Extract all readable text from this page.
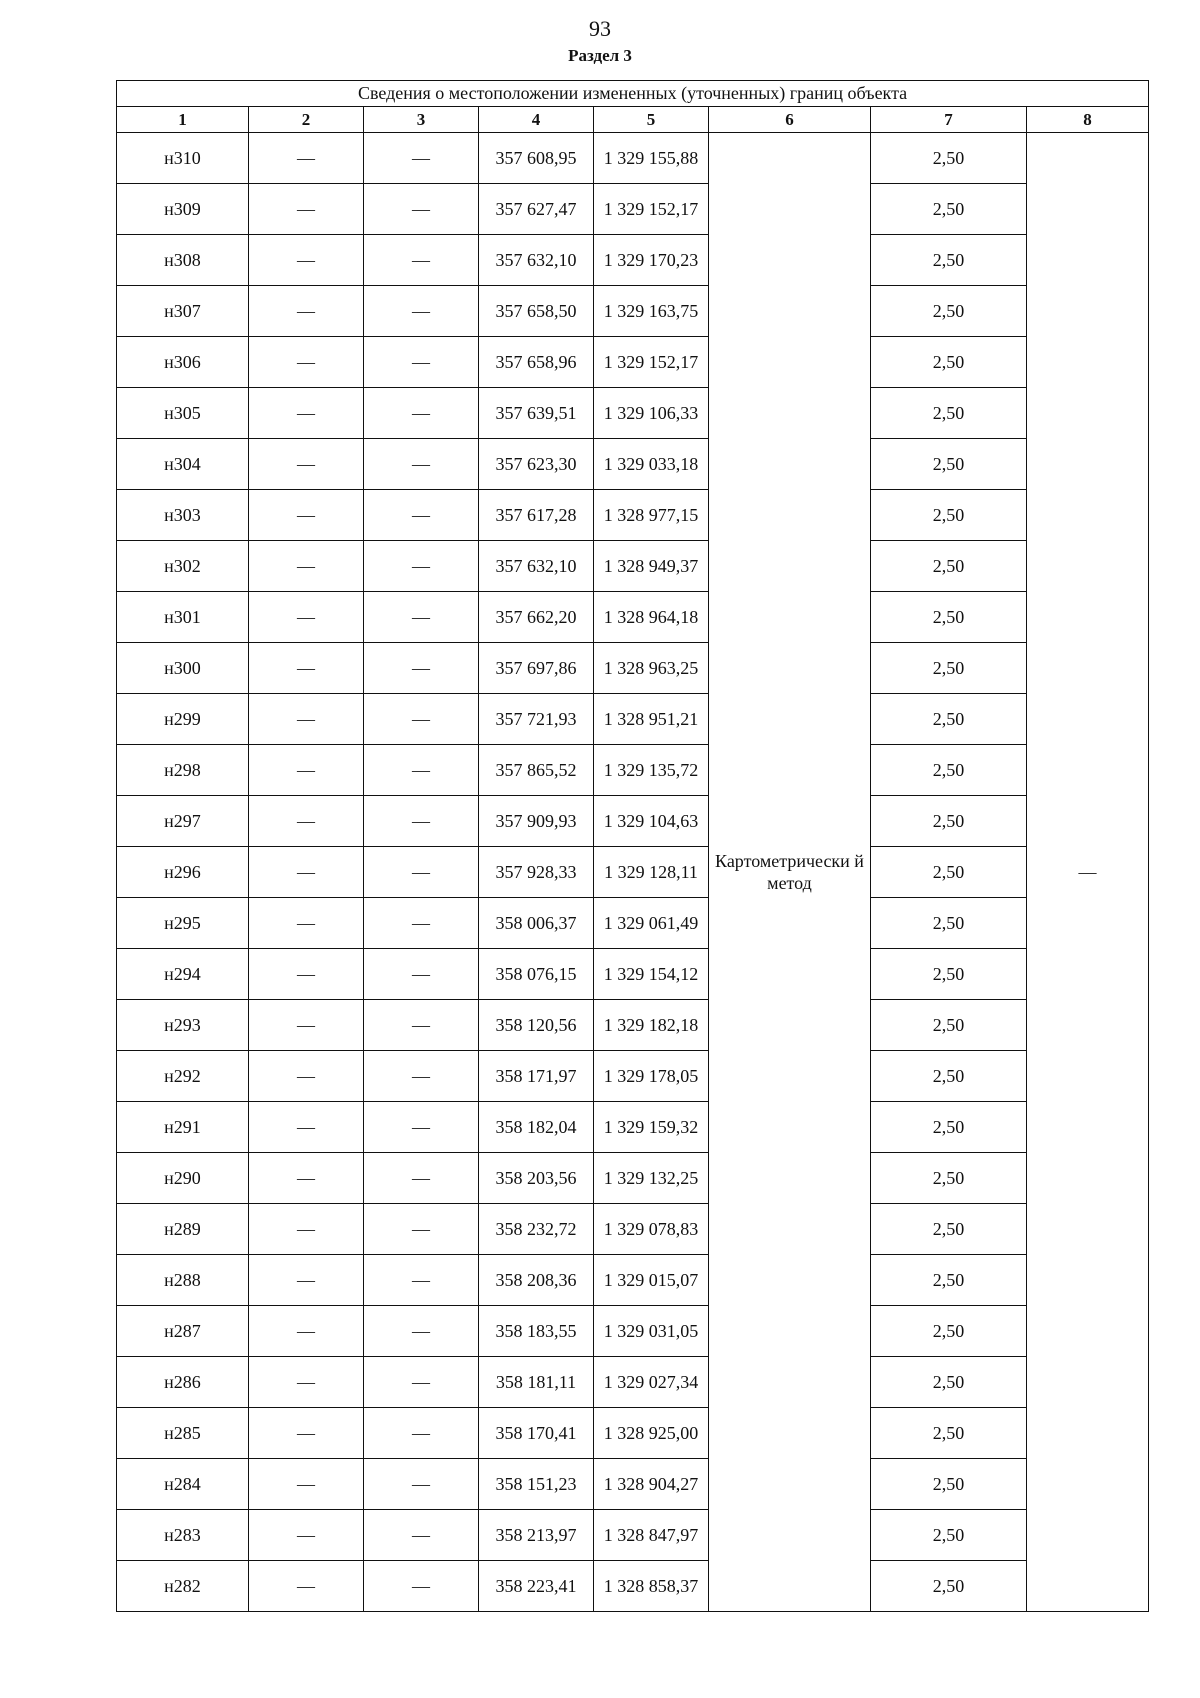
93
Раздел 3
Сведения о местоположении измененных (уточненных) границ объекта							
1	2	3	4	5	6	7	8
н310	—	—	357 608,95	1 329 155,88	Картометрически й метод	2,50	—
н309	—	—	357 627,47	1 329 152,17		2,50	
н308	—	—	357 632,10	1 329 170,23		2,50	
н307	—	—	357 658,50	1 329 163,75		2,50	
н306	—	—	357 658,96	1 329 152,17		2,50	
н305	—	—	357 639,51	1 329 106,33		2,50	
н304	—	—	357 623,30	1 329 033,18		2,50	
н303	—	—	357 617,28	1 328 977,15		2,50	
н302	—	—	357 632,10	1 328 949,37		2,50	
н301	—	—	357 662,20	1 328 964,18		2,50	
н300	—	—	357 697,86	1 328 963,25		2,50	
н299	—	—	357 721,93	1 328 951,21		2,50	
н298	—	—	357 865,52	1 329 135,72		2,50	
н297	—	—	357 909,93	1 329 104,63		2,50	
н296	—	—	357 928,33	1 329 128,11		2,50	
н295	—	—	358 006,37	1 329 061,49		2,50	
н294	—	—	358 076,15	1 329 154,12		2,50	
н293	—	—	358 120,56	1 329 182,18		2,50	
н292	—	—	358 171,97	1 329 178,05		2,50	
н291	—	—	358 182,04	1 329 159,32		2,50	
н290	—	—	358 203,56	1 329 132,25		2,50	
н289	—	—	358 232,72	1 329 078,83		2,50	
н288	—	—	358 208,36	1 329 015,07		2,50	
н287	—	—	358 183,55	1 329 031,05		2,50	
н286	—	—	358 181,11	1 329 027,34		2,50	
н285	—	—	358 170,41	1 328 925,00		2,50	
н284	—	—	358 151,23	1 328 904,27		2,50	
н283	—	—	358 213,97	1 328 847,97		2,50	
н282	—	—	358 223,41	1 328 858,37		2,50	
